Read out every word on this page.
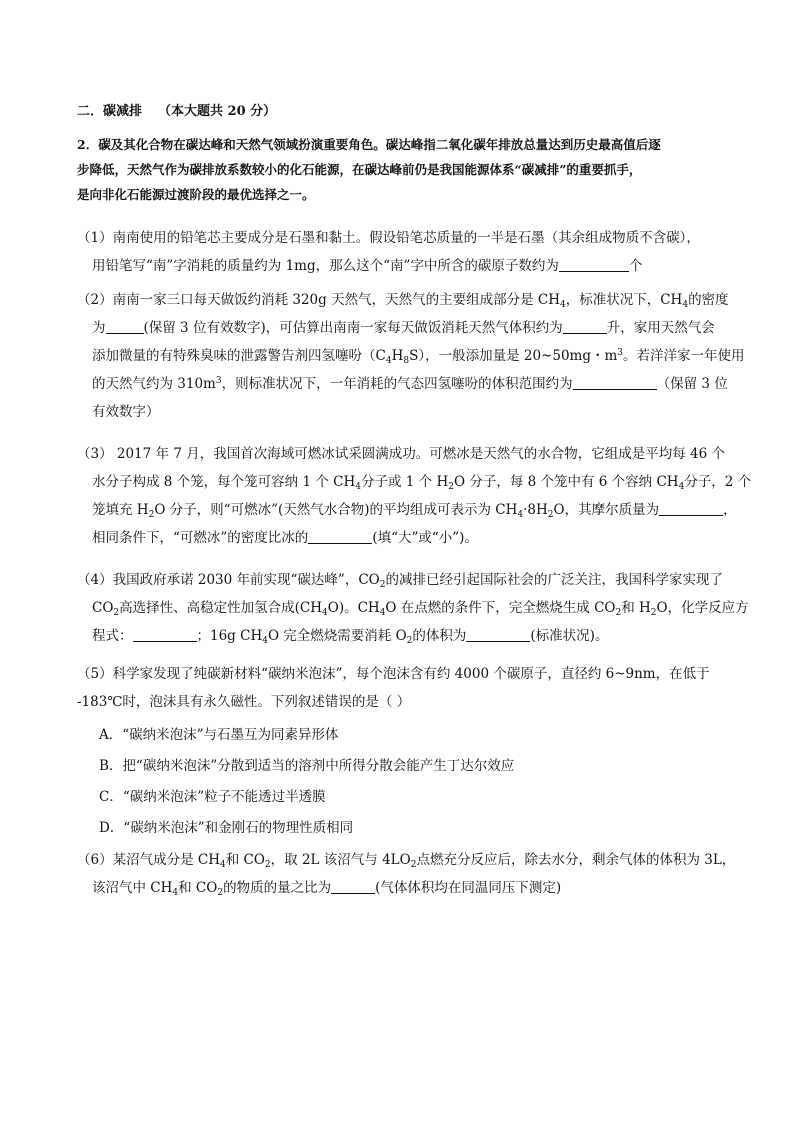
二．碳减排 （本大题共 20 分）
2．碳及其化合物在碳达峰和天然气领域扮演重要角色。碳达峰指二氧化碳年排放总量达到历史最高值后逐
步降低，天然气作为碳排放系数较小的化石能源，在碳达峰前仍是我国能源体系“碳减排”的重要抓手，
是向非化石能源过渡阶段的最优选择之一。
（1）南南使用的铅笔芯主要成分是石墨和黏土。假设铅笔芯质量的一半是石墨（其余组成物质不含碳），
用铅笔写“南”字消耗的质量约为 1mg，那么这个“南”字中所含的碳原子数约为	个
（2）南南一家三口每天做饭约消耗 320g 天然气，天然气的主要组成部分是 $CH_4$，标准状况下，$CH_4$的密度
为	(保留 3 位有效数字)，可估算出南南一家每天做饭消耗天然气体积约为	升，家用天然气会
添加微量的有特殊臭味的泄露警告剂四氢噻吩$(C_4H_8S)$，一般添加量是 20~50mg・$m^3$。若洋洋家一年使用
的天然气约为 $310m^3$，则标准状况下，一年消耗的气态四氢噻吩的体积范围约为	（保留 3 位
有效数字）
（3） 2017 年 7 月，我国首次海域可燃冰试采圆满成功。可燃冰是天然气的水合物，它组成是平均每 46 个
水分子构成 8 个笼，每个笼可容纳 1 个 $CH_4$分子或 1 个 $H_2O$ 分子，每 8 个笼中有 6 个容纳 $CH_4$分子，2 个
笼填充 $H_2O$ 分子，则“可燃冰”(天然气水合物)的平均组成可表示为 $CH_4\cdot 8H_2O$，其摩尔质量为	，
相同条件下，“可燃冰”的密度比冰的	(填“大”或“小”)。
（4）我国政府承诺 2030 年前实现“碳达峰”，$CO_2$的减排已经引起国际社会的广泛关注，我国科学家实现了
$CO_2$高选择性、高稳定性加氢合成$(CH_4O)$。$CH_4O$ 在点燃的条件下，完全燃烧生成 $CO_2$和 $H_2O$，化学反应方
程式：	；16g $CH_4O$ 完全燃烧需要消耗 $O_2$的体积为	(标准状况)。
（5）科学家发现了纯碳新材料“碳纳米泡沫”，每个泡沫含有约 4000 个碳原子，直径约 6~9nm，在低于
-183℃时，泡沫具有永久磁性。下列叙述错误的是（ ）
A．“碳纳米泡沫”与石墨互为同素异形体
B．把“碳纳米泡沫”分散到适当的溶剂中所得分散会能产生丁达尔效应
C．“碳纳米泡沫”粒子不能透过半透膜
D．“碳纳米泡沫”和金刚石的物理性质相同
（6）某沼气成分是 $CH_4$和 $CO_2$，取 2L 该沼气与 $4LO_2$点燃充分反应后，除去水分，剩余气体的体积为 3L，
该沼气中 $CH_4$和 $CO_2$的物质的量之比为	(气体体积均在同温同压下测定)
